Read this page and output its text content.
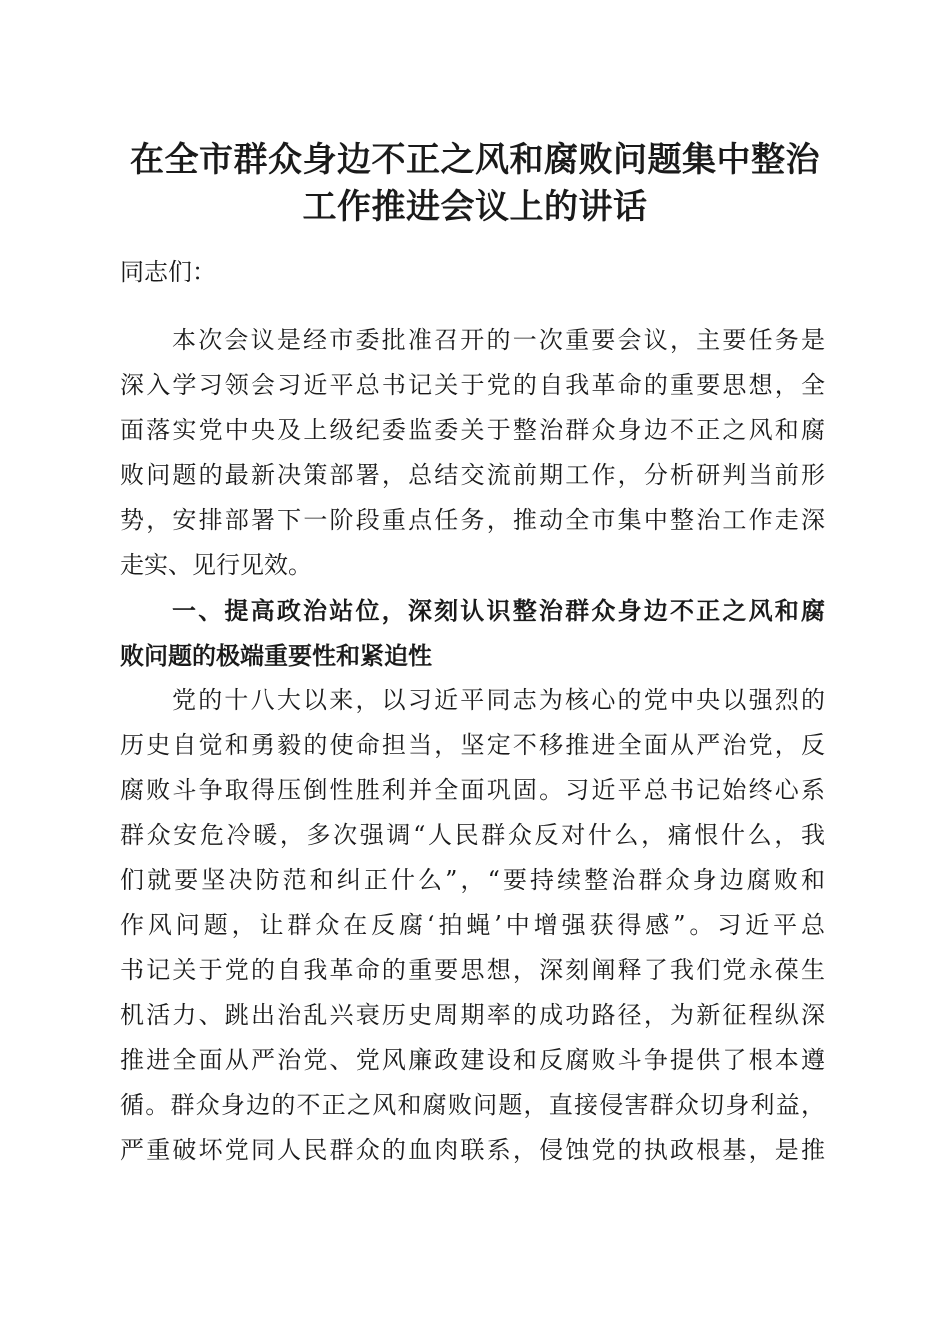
在全市群众身边不正之风和腐败问题集中整治
工作推进会议上的讲话
同志们：
本次会议是经市委批准召开的一次重要会议，主要任务是
深入学习领会习近平总书记关于党的自我革命的重要思想，全
面落实党中央及上级纪委监委关于整治群众身边不正之风和腐
败问题的最新决策部署，总结交流前期工作，分析研判当前形
势，安排部署下一阶段重点任务，推动全市集中整治工作走深
走实、见行见效。
一、提高政治站位，深刻认识整治群众身边不正之风和腐
败问题的极端重要性和紧迫性
党的十八大以来，以习近平同志为核心的党中央以强烈的
历史自觉和勇毅的使命担当，坚定不移推进全面从严治党，反
腐败斗争取得压倒性胜利并全面巩固。习近平总书记始终心系
群众安危冷暖，多次强调“人民群众反对什么，痛恨什么，我
们就要坚决防范和纠正什么”，“要持续整治群众身边腐败和
作风问题，让群众在反腐‘拍蝇’中增强获得感”。习近平总
书记关于党的自我革命的重要思想，深刻阐释了我们党永葆生
机活力、跳出治乱兴衰历史周期率的成功路径，为新征程纵深
推进全面从严治党、党风廉政建设和反腐败斗争提供了根本遵
循。群众身边的不正之风和腐败问题，直接侵害群众切身利益，
严重破坏党同人民群众的血肉联系，侵蚀党的执政根基，是推
